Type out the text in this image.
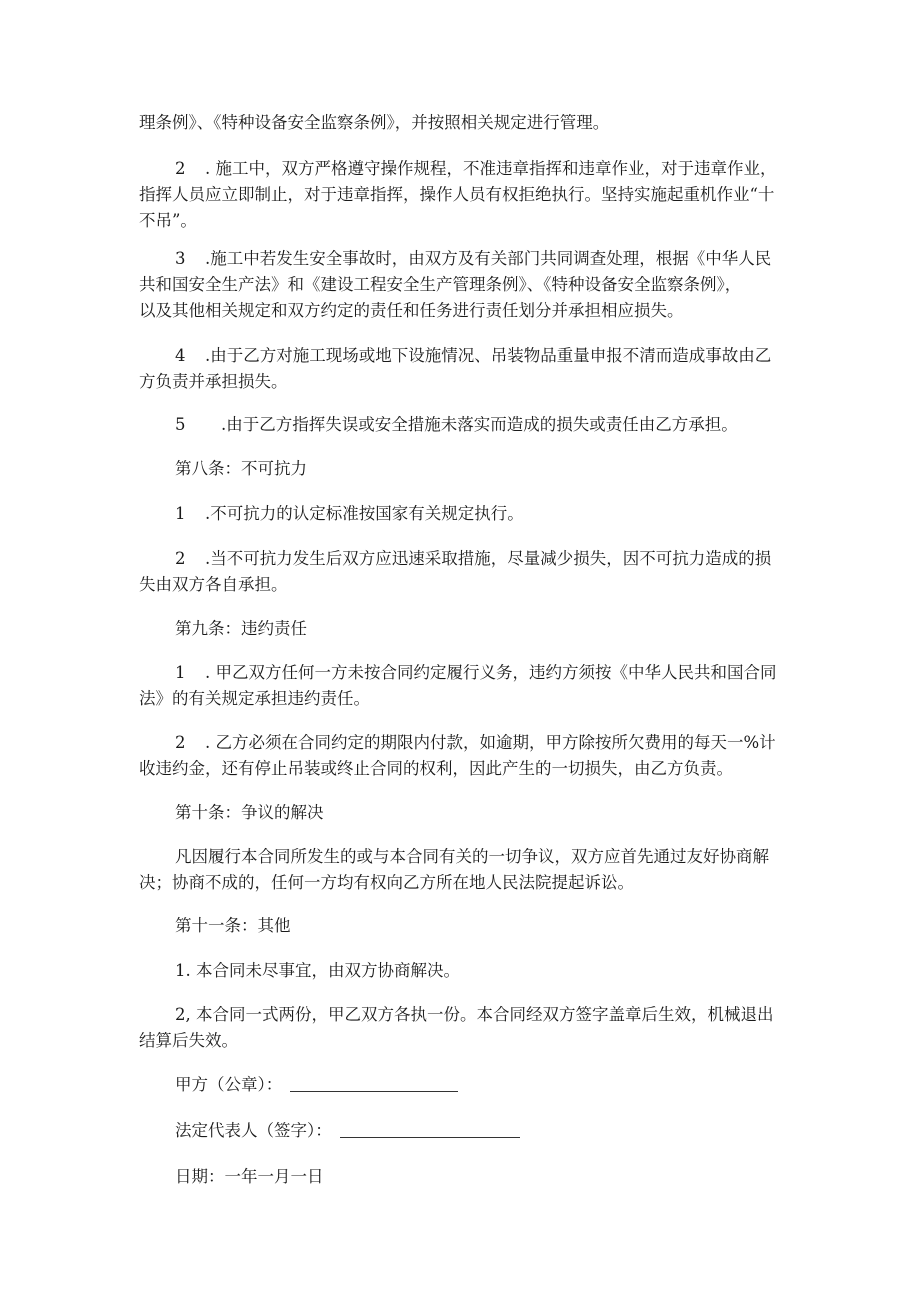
理条例》、《特种设备安全监察条例》，并按照相关规定进行管理。
2 . 施工中，双方严格遵守操作规程，不准违章指挥和违章作业，对于违章作业，
指挥人员应立即制止，对于违章指挥，操作人员有权拒绝执行。坚持实施起重机作业“十
不吊”。
3 .施工中若发生安全事故时，由双方及有关部门共同调查处理，根据《中华人民
共和国安全生产法》和《建设工程安全生产管理条例》、《特种设备安全监察条例》，
以及其他相关规定和双方约定的责任和任务进行责任划分并承担相应损失。
4 .由于乙方对施工现场或地下设施情况、吊装物品重量申报不清而造成事故由乙
方负责并承担损失。
5 .由于乙方指挥失误或安全措施未落实而造成的损失或责任由乙方承担。
第八条：不可抗力
1 .不可抗力的认定标准按国家有关规定执行。
2 .当不可抗力发生后双方应迅速采取措施，尽量减少损失，因不可抗力造成的损
失由双方各自承担。
第九条：违约责任
1 . 甲乙双方任何一方未按合同约定履行义务，违约方须按《中华人民共和国合同
法》的有关规定承担违约责任。
2 . 乙方必须在合同约定的期限内付款，如逾期，甲方除按所欠费用的每天一%计
收违约金，还有停止吊装或终止合同的权利，因此产生的一切损失，由乙方负责。
第十条：争议的解决
凡因履行本合同所发生的或与本合同有关的一切争议，双方应首先通过友好协商解
决；协商不成的，任何一方均有权向乙方所在地人民法院提起诉讼。
第十一条：其他
1. 本合同未尽事宜，由双方协商解决。
2, 本合同一式两份，甲乙双方各执一份。本合同经双方签字盖章后生效，机械退出
结算后失效。
甲方（公章）：
法定代表人（签字）：
日期：一年一月一日
